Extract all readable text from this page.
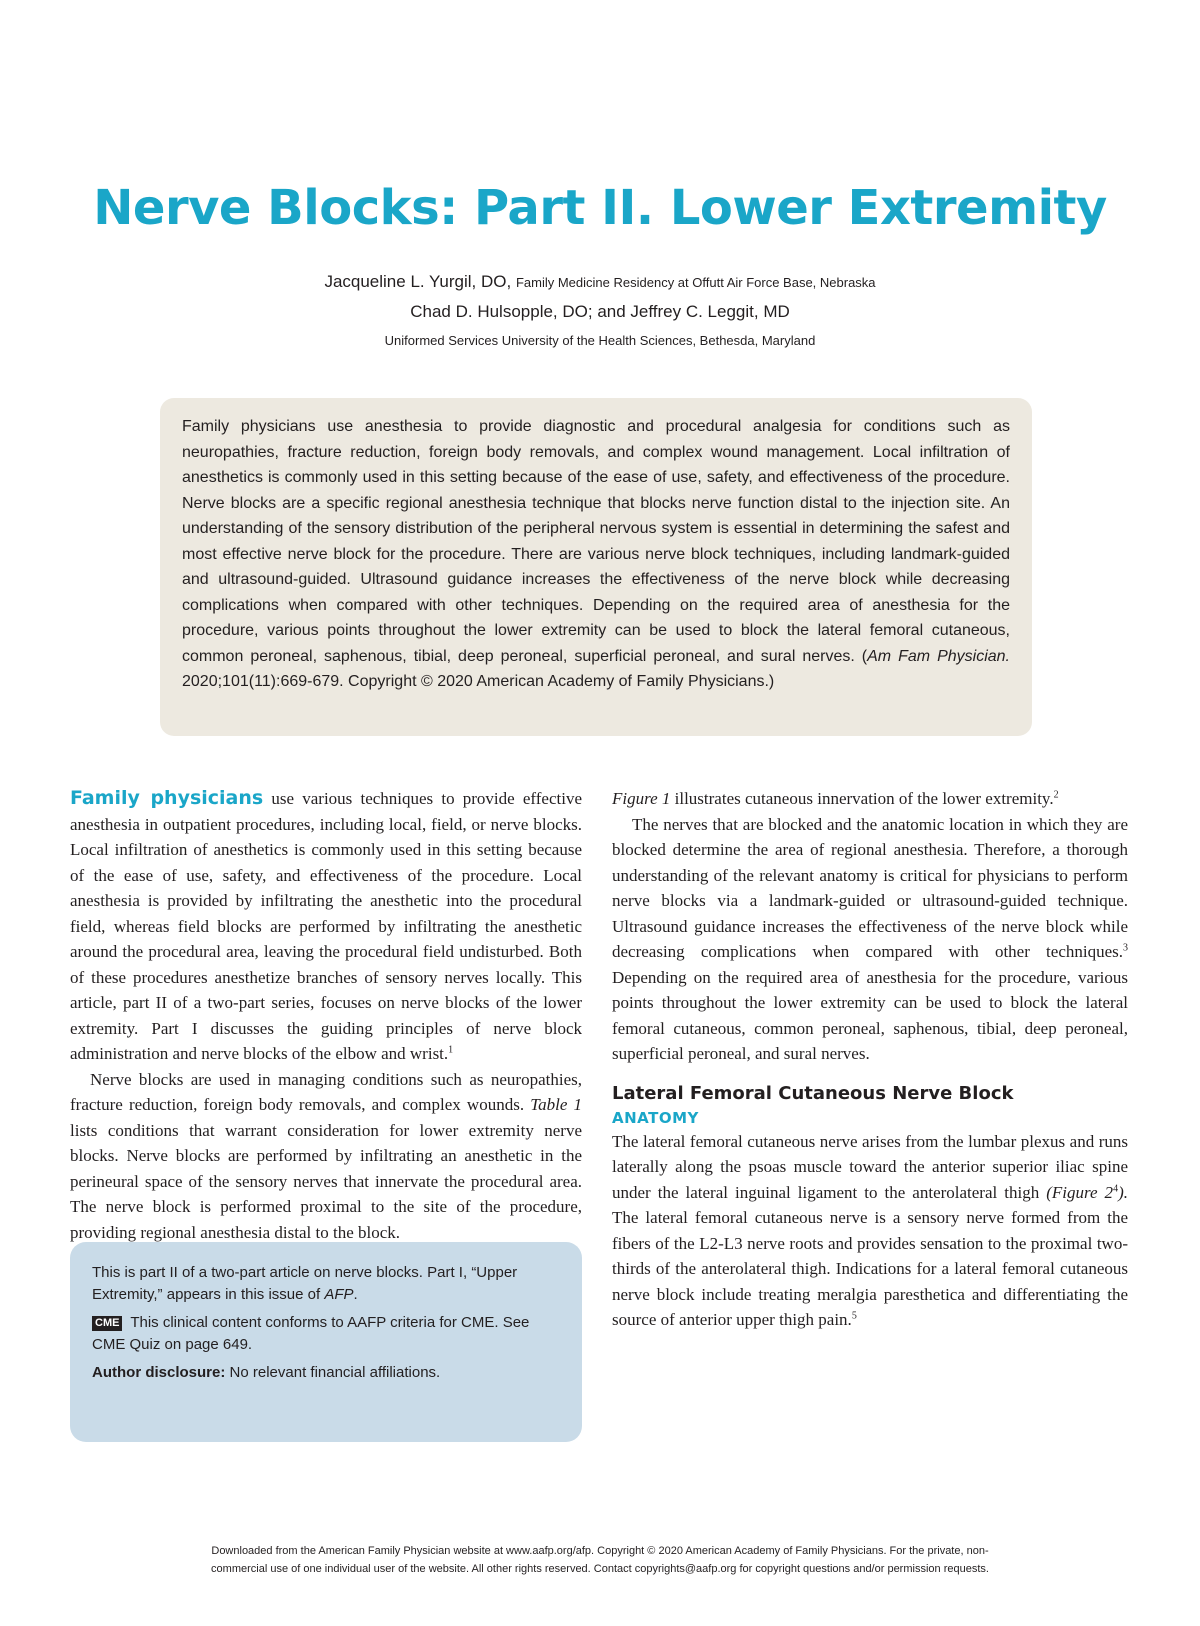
Nerve Blocks: Part II. Lower Extremity
Jacqueline L. Yurgil, DO, Family Medicine Residency at Offutt Air Force Base, Nebraska
Chad D. Hulsopple, DO; and Jeffrey C. Leggit, MD
Uniformed Services University of the Health Sciences, Bethesda, Maryland
Family physicians use anesthesia to provide diagnostic and procedural analgesia for conditions such as neuropathies, fracture reduction, foreign body removals, and complex wound management. Local infiltration of anesthetics is commonly used in this setting because of the ease of use, safety, and effectiveness of the procedure. Nerve blocks are a specific regional anesthesia technique that blocks nerve function distal to the injection site. An understanding of the sensory distribution of the peripheral nervous system is essential in determining the safest and most effective nerve block for the procedure. There are various nerve block techniques, including landmark-guided and ultrasound-guided. Ultrasound guidance increases the effectiveness of the nerve block while decreasing complications when compared with other techniques. Depending on the required area of anesthesia for the procedure, various points throughout the lower extremity can be used to block the lateral femoral cutaneous, common peroneal, saphenous, tibial, deep peroneal, superficial peroneal, and sural nerves. (Am Fam Physician. 2020;101(11):669-679. Copyright © 2020 American Academy of Family Physicians.)

Family physicians use various techniques to provide effective anesthesia in outpatient procedures, including local, field, or nerve blocks. Local infiltration of anesthetics is commonly used in this setting because of the ease of use, safety, and effectiveness of the procedure. Local anesthesia is provided by infiltrating the anesthetic into the procedural field, whereas field blocks are performed by infiltrating the anesthetic around the procedural area, leaving the procedural field undisturbed. Both of these procedures anesthetize branches of sensory nerves locally. This article, part II of a two-part series, focuses on nerve blocks of the lower extremity. Part I discusses the guiding principles of nerve block administration and nerve blocks of the elbow and wrist.$^1$

Nerve blocks are used in managing conditions such as neuropathies, fracture reduction, foreign body removals, and complex wounds. Table 1 lists conditions that warrant consideration for lower extremity nerve blocks. Nerve blocks are performed by infiltrating an anesthetic in the perineural space of the sensory nerves that innervate the procedural area. The nerve block is performed proximal to the site of the procedure, providing regional anesthesia distal to the block.

This is part II of a two-part article on nerve blocks. Part I, “Upper Extremity,” appears in this issue of AFP.

CME This clinical content conforms to AAFP criteria for CME. See CME Quiz on page 649.

Author disclosure: No relevant financial affiliations.

Figure 1 illustrates cutaneous innervation of the lower extremity.$^2$

The nerves that are blocked and the anatomic location in which they are blocked determine the area of regional anesthesia. Therefore, a thorough understanding of the relevant anatomy is critical for physicians to perform nerve blocks via a landmark-guided or ultrasound-guided technique. Ultrasound guidance increases the effectiveness of the nerve block while decreasing complications when compared with other techniques.$^3$ Depending on the required area of anesthesia for the procedure, various points throughout the lower extremity can be used to block the lateral femoral cutaneous, common peroneal, saphenous, tibial, deep peroneal, superficial peroneal, and sural nerves.

Lateral Femoral Cutaneous Nerve Block
ANATOMY

The lateral femoral cutaneous nerve arises from the lumbar plexus and runs laterally along the psoas muscle toward the anterior superior iliac spine under the lateral inguinal ligament to the anterolateral thigh (Figure $2^4$). The lateral femoral cutaneous nerve is a sensory nerve formed from the fibers of the L2-L3 nerve roots and provides sensation to the proximal two-thirds of the anterolateral thigh. Indications for a lateral femoral cutaneous nerve block include treating meralgia paresthetica and differentiating the source of anterior upper thigh pain.$^5$

Downloaded from the American Family Physician website at www.aafp.org/afp. Copyright © 2020 American Academy of Family Physicians. For the private, non-
commercial use of one individual user of the website. All other rights reserved. Contact copyrights@aafp.org for copyright questions and/or permission requests.
